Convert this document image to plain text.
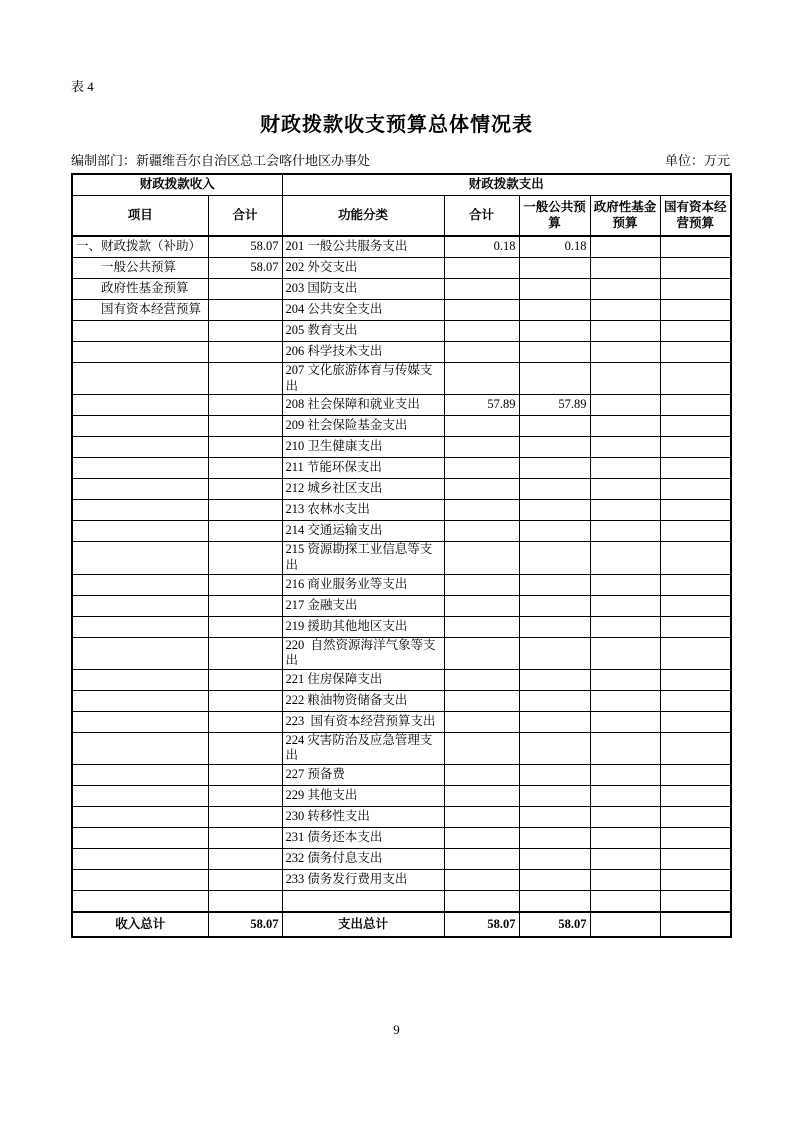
表 4
财政拨款收支预算总体情况表
编制部门：新疆维吾尔自治区总工会喀什地区办事处	单位：万元
财政拨款收入		财政拨款支出				
项目	合计	功能分类	合计	一般公共预算	政府性基金预算	国有资本经营预算
一、财政拨款（补助）	58.07	201 一般公共服务支出	0.18	0.18		
一般公共预算	58.07	202 外交支出				
政府性基金预算		203 国防支出				
国有资本经营预算		204 公共安全支出				
		205 教育支出				
		206 科学技术支出				
		207 文化旅游体育与传媒支出				
		208 社会保障和就业支出	57.89	57.89		
		209 社会保险基金支出				
		210 卫生健康支出				
		211 节能环保支出				
		212 城乡社区支出				
		213 农林水支出				
		214 交通运输支出				
		215 资源勘探工业信息等支出				
		216 商业服务业等支出				
		217 金融支出				
		219 援助其他地区支出				
		220  自然资源海洋气象等支出				
		221 住房保障支出				
		222 粮油物资储备支出				
		223  国有资本经营预算支出				
		224 灾害防治及应急管理支出				
		227 预备费				
		229 其他支出				
		230 转移性支出				
		231 债务还本支出				
		232 债务付息支出				
		233 债务发行费用支出				

收入总计	58.07	支出总计	58.07	58.07		
9
